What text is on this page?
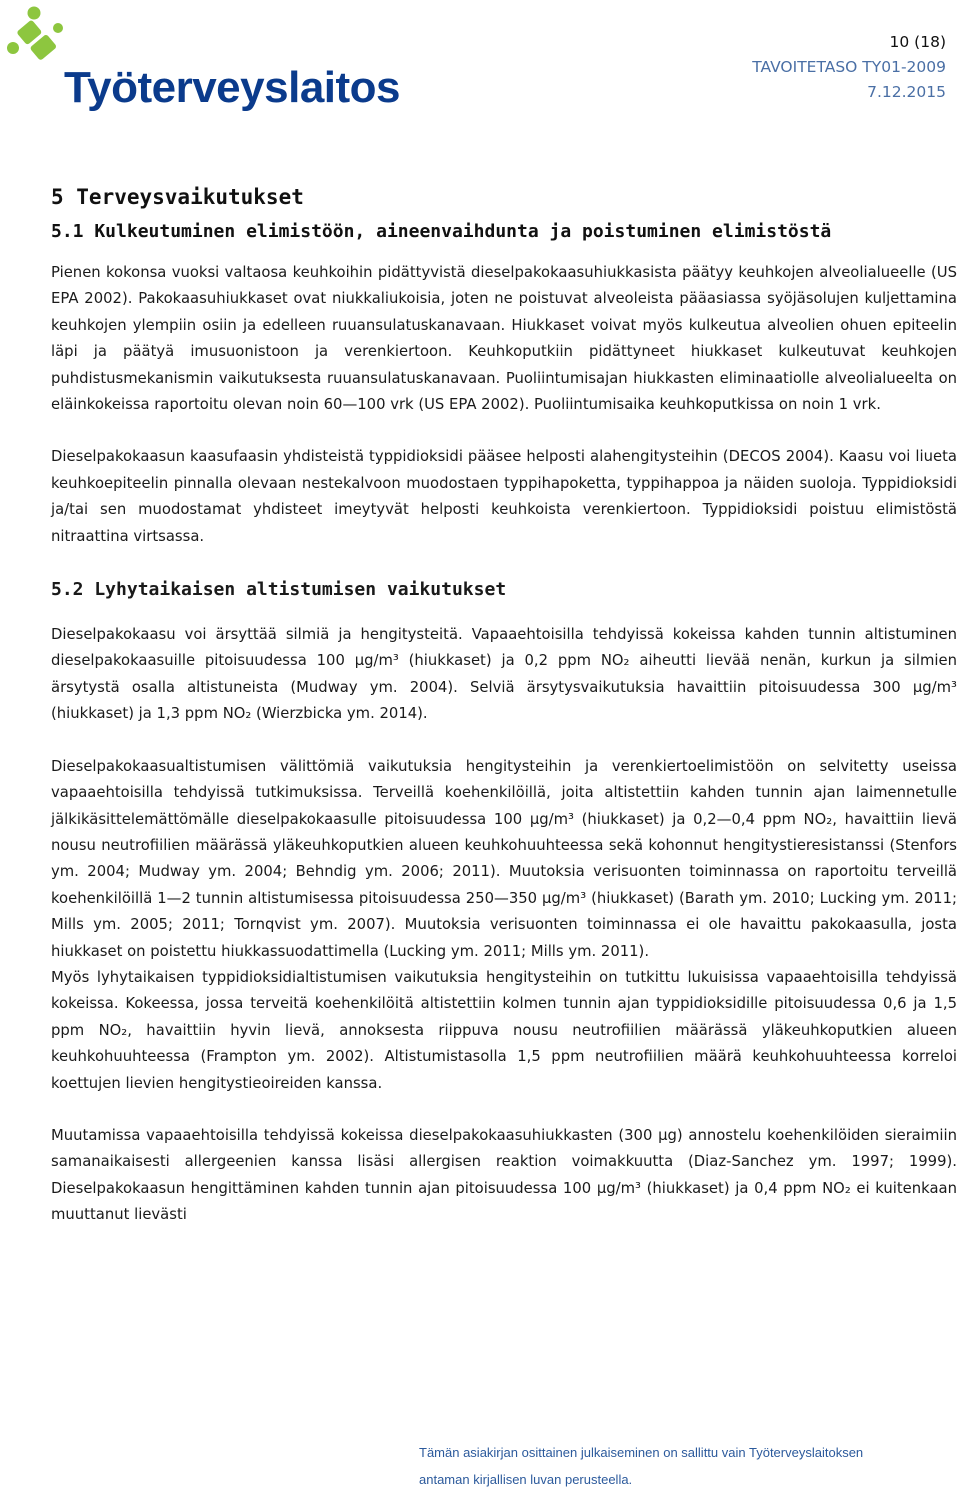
Työterveyslaitos
10 (18)
TAVOITETASO TY01-2009
7.12.2015
5 Terveysvaikutukset
5.1 Kulkeutuminen elimistöön, aineenvaihdunta ja poistuminen elimistöstä

Pienen kokonsa vuoksi valtaosa keuhkoihin pidättyvistä dieselpakokaasuhiukkasista päätyy keuhkojen alveolialueelle (US EPA 2002). Pakokaasuhiukkaset ovat niukkaliukoisia, joten ne poistuvat alveoleista pääasiassa syöjäsolujen kuljettamina keuhkojen ylempiin osiin ja edelleen ruuansulatuskanavaan. Hiukkaset voivat myös kulkeutua alveolien ohuen epiteelin läpi ja päätyä imusuonistoon ja verenkiertoon. Keuhkoputkiin pidättyneet hiukkaset kulkeutuvat keuhkojen puhdistusmekanismin vaikutuksesta ruuansulatuskanavaan. Puoliintumisajan hiukkasten eliminaatiolle alveolialueelta on eläinkokeissa raportoitu olevan noin 60—100 vrk (US EPA 2002). Puoliintumisaika keuhkoputkissa on noin 1 vrk.

Dieselpakokaasun kaasufaasin yhdisteistä typpidioksidi pääsee helposti alahengitysteihin (DECOS 2004). Kaasu voi liueta keuhkoepiteelin pinnalla olevaan nestekalvoon muodostaen typpihapoketta, typpihappoa ja näiden suoloja. Typpidioksidi ja/tai sen muodostamat yhdisteet imeytyvät helposti keuhkoista verenkiertoon. Typpidioksidi poistuu elimistöstä nitraattina virtsassa.

5.2 Lyhytaikaisen altistumisen vaikutukset

Dieselpakokaasu voi ärsyttää silmiä ja hengitysteitä. Vapaaehtoisilla tehdyissä kokeissa kahden tunnin altistuminen dieselpakokaasuille pitoisuudessa 100 µg/m³ (hiukkaset) ja 0,2 ppm NO₂ aiheutti lievää nenän, kurkun ja silmien ärsytystä osalla altistuneista (Mudway ym. 2004). Selviä ärsytysvaikutuksia havaittiin pitoisuudessa 300 µg/m³ (hiukkaset) ja 1,3 ppm NO₂ (Wierzbicka ym. 2014).

Dieselpakokaasualtistumisen välittömiä vaikutuksia hengitysteihin ja verenkiertoelimistöön on selvitetty useissa vapaaehtoisilla tehdyissä tutkimuksissa. Terveillä koehenkilöillä, joita altistettiin kahden tunnin ajan laimennetulle jälkikäsittelemättömälle dieselpakokaasulle pitoisuudessa 100 µg/m³ (hiukkaset) ja 0,2—0,4 ppm NO₂, havaittiin lievä nousu neutrofiilien määrässä yläkeuhkoputkien alueen keuhkohuuhteessa sekä kohonnut hengitystieresistanssi (Stenfors ym. 2004; Mudway ym. 2004; Behndig ym. 2006; 2011). Muutoksia verisuonten toiminnassa on raportoitu terveillä koehenkilöillä 1—2 tunnin altistumisessa pitoisuudessa 250—350 µg/m³ (hiukkaset) (Barath ym. 2010; Lucking ym. 2011; Mills ym. 2005; 2011; Tornqvist ym. 2007). Muutoksia verisuonten toiminnassa ei ole havaittu pakokaasulla, josta hiukkaset on poistettu hiukkassuodattimella (Lucking ym. 2011; Mills ym. 2011).

Myös lyhytaikaisen typpidioksidialtistumisen vaikutuksia hengitysteihin on tutkittu lukuisissa vapaaehtoisilla tehdyissä kokeissa. Kokeessa, jossa terveitä koehenkilöitä altistettiin kolmen tunnin ajan typpidioksidille pitoisuudessa 0,6 ja 1,5 ppm NO₂, havaittiin hyvin lievä, annoksesta riippuva nousu neutrofiilien määrässä yläkeuhkoputkien alueen keuhkohuuhteessa (Frampton ym. 2002). Altistumistasolla 1,5 ppm neutrofiilien määrä keuhkohuuhteessa korreloi koettujen lievien hengitystieoireiden kanssa.

Muutamissa vapaaehtoisilla tehdyissä kokeissa dieselpakokaasuhiukkasten (300 µg) annostelu koehenkilöiden sieraimiin samanaikaisesti allergeenien kanssa lisäsi allergisen reaktion voimakkuutta (Diaz-Sanchez ym. 1997; 1999). Dieselpakokaasun hengittäminen kahden tunnin ajan pitoisuudessa 100 µg/m³ (hiukkaset) ja 0,4 ppm NO₂ ei kuitenkaan muuttanut lievästi

Tämän asiakirjan osittainen julkaiseminen on sallittu vain Työterveyslaitoksen
antaman kirjallisen luvan perusteella.
